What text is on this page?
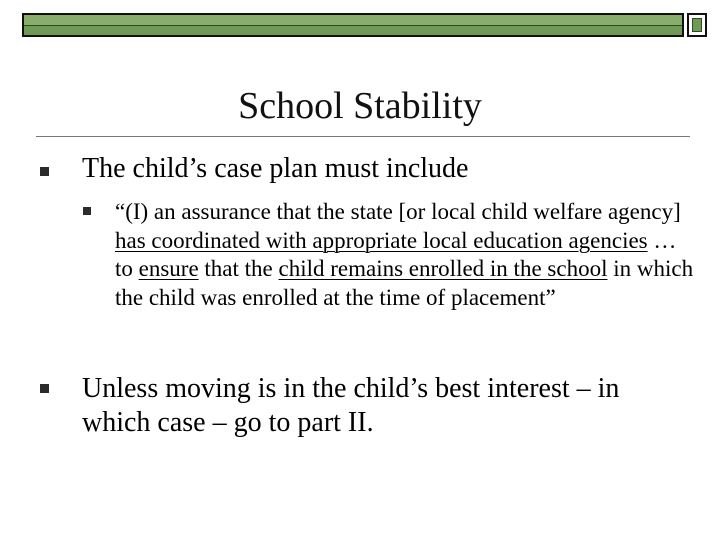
School Stability
The child’s case plan must include
“(I) an assurance that the state [or local child welfare agency] has coordinated with appropriate local education agencies … to ensure that the child remains enrolled in the school in which the child was enrolled at the time of placement”
Unless moving is in the child’s best interest – in which case – go to part II.
